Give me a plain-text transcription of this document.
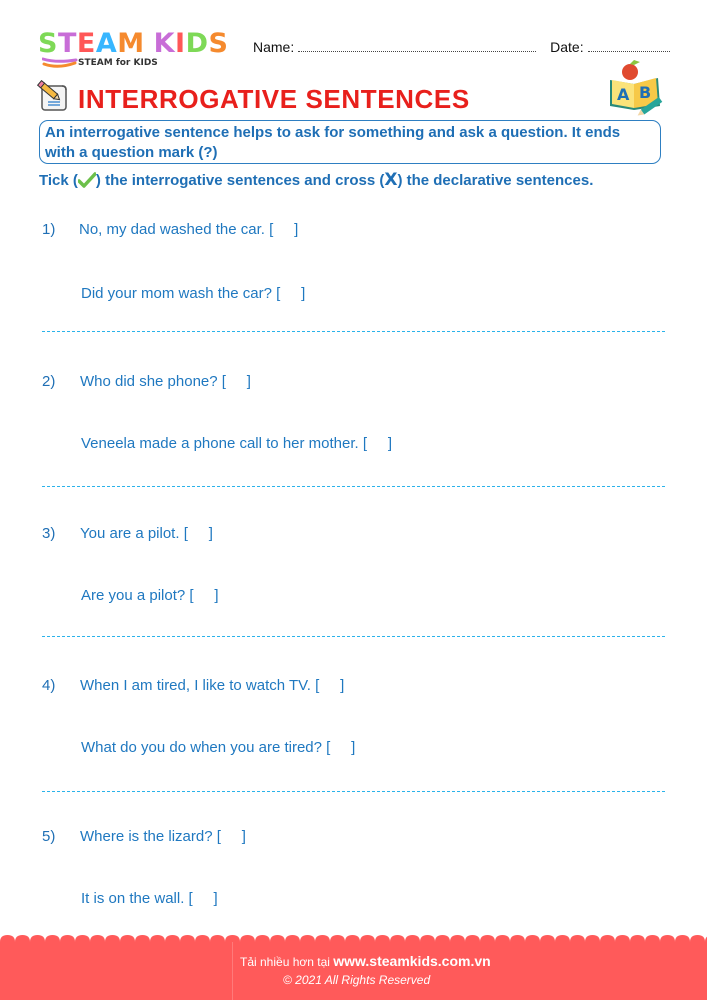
STEAM KIDS
STEAM for KIDS
Name:	Date:
INTERROGATIVE SENTENCES	A B
An interrogative sentence helps to ask for something and ask a question. It ends with a question mark (?)
Tick ( ) the interrogative sentences and cross (X) the declarative sentences.
1) No, my dad washed the car. [     ]
Did your mom wash the car? [     ]
2) Who did she phone? [     ]
Veneela made a phone call to her mother. [     ]
3) You are a pilot. [     ]
Are you a pilot? [     ]
4) When I am tired, I like to watch TV. [     ]
What do you do when you are tired? [     ]
5) Where is the lizard? [     ]
It is on the wall. [     ]
Tải nhiều hơn tại www.steamkids.com.vn
© 2021 All Rights Reserved
